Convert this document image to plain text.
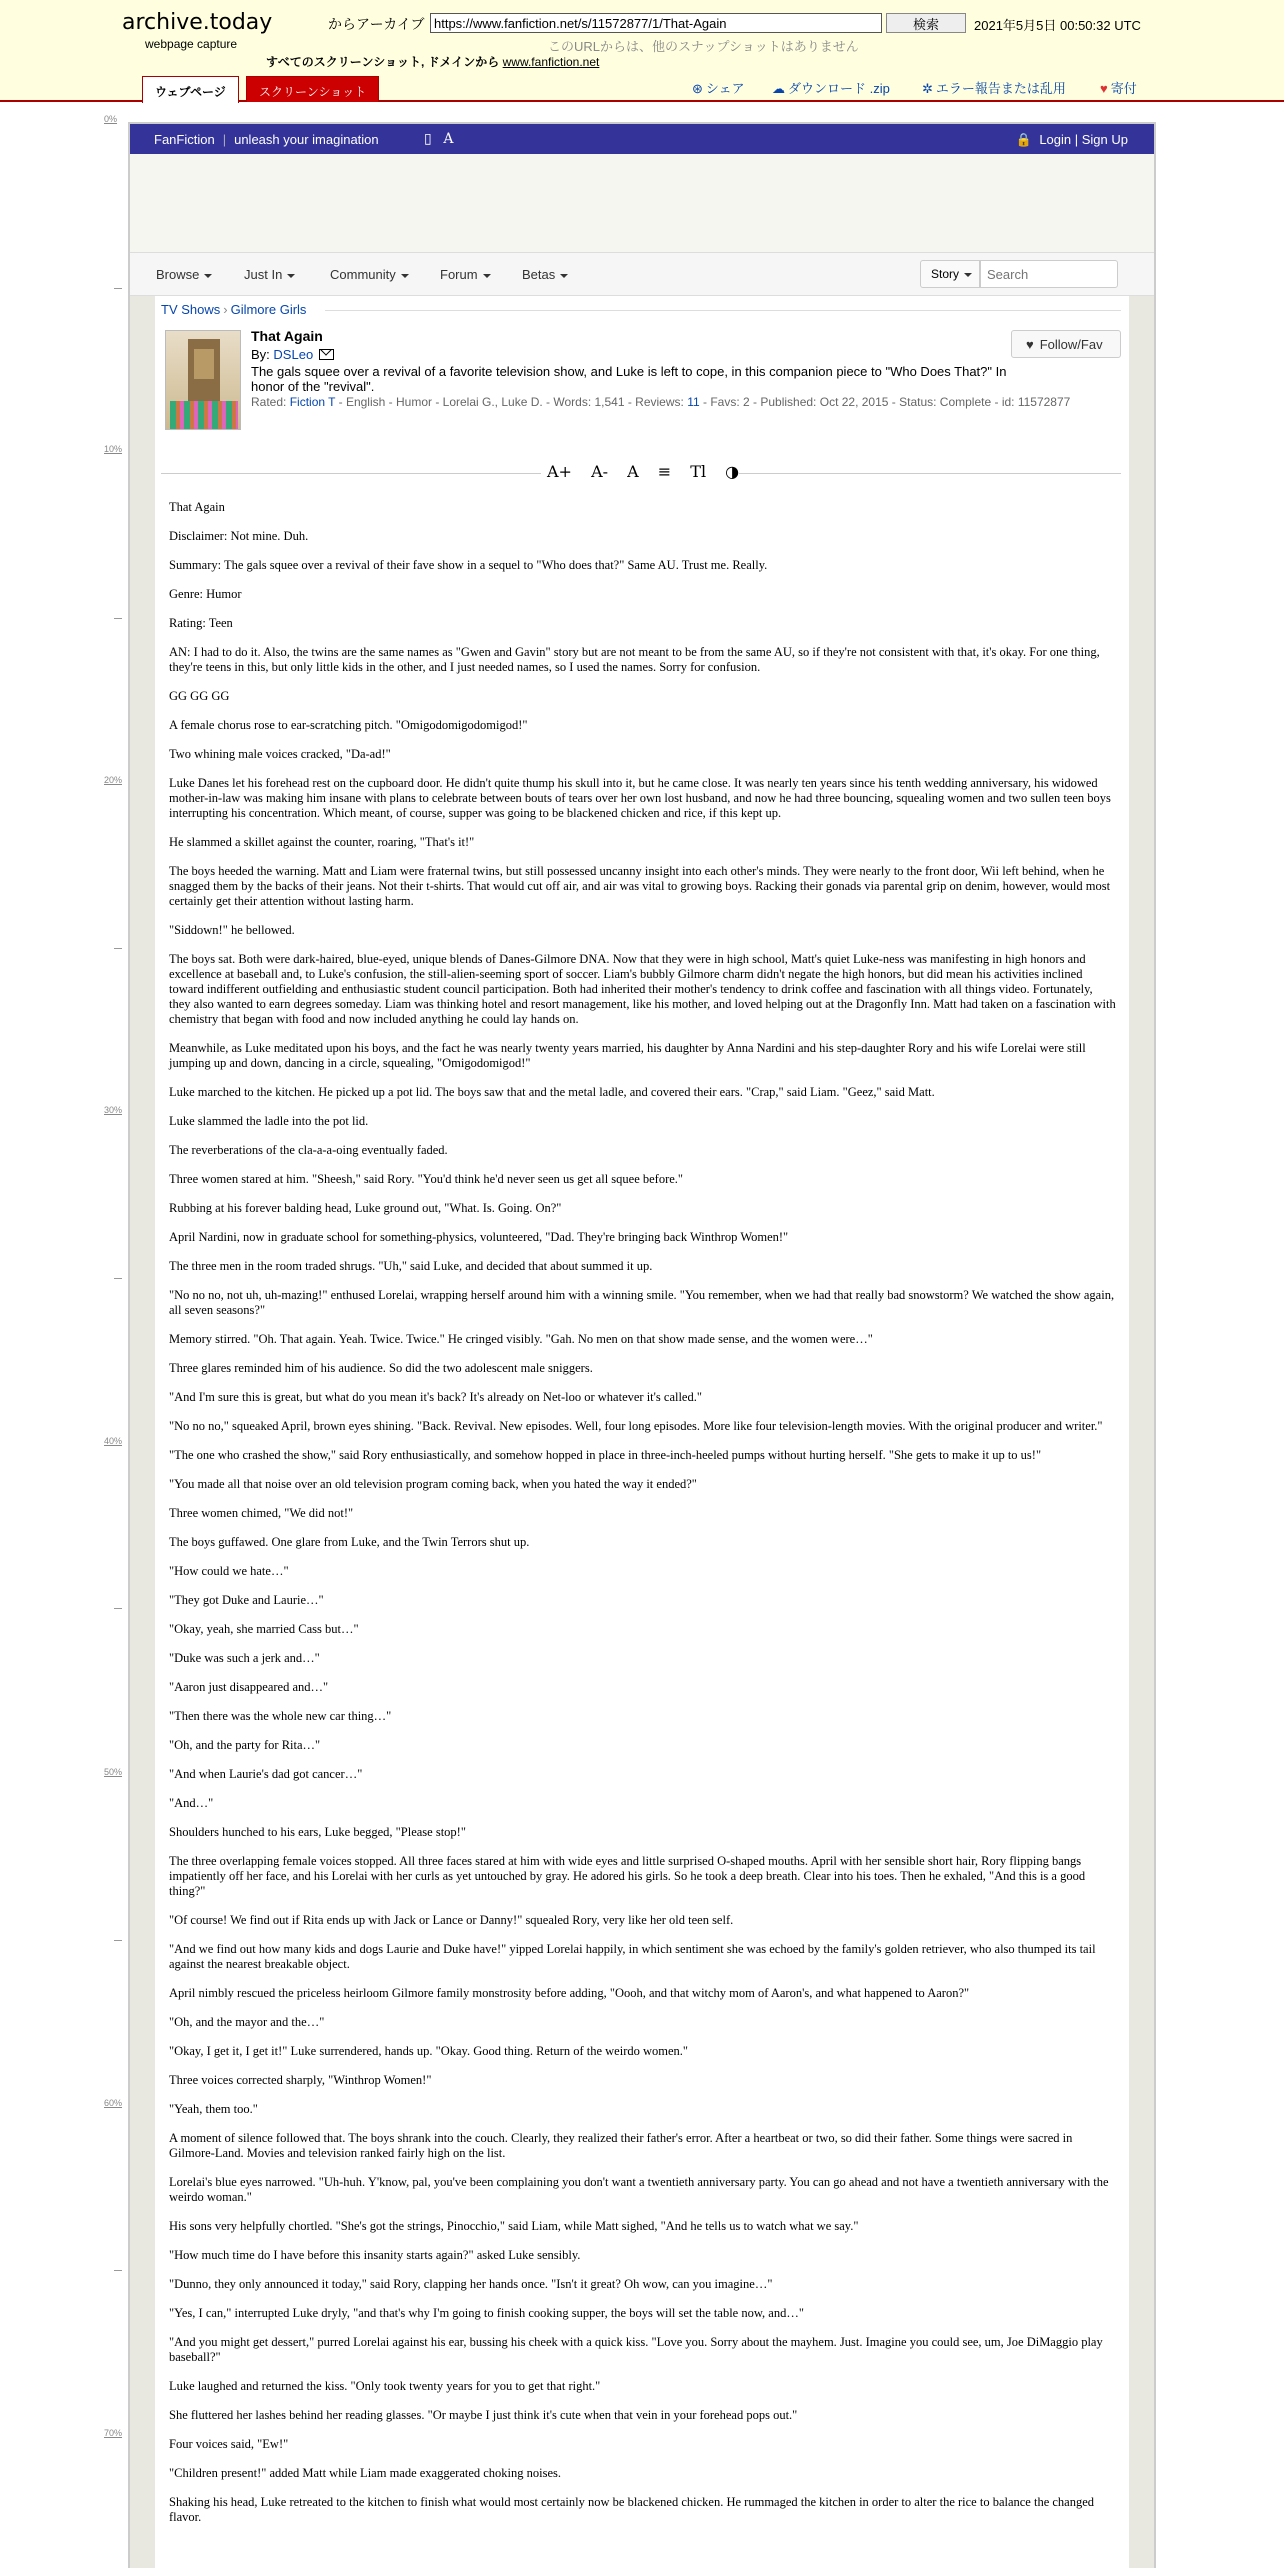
archive.today
webpage capture
からアーカイブ
https://www.fanfiction.net/s/11572877/1/That-Again	検索	2021年5月5日 00:50:32 UTC
このURLからは、他のスナップショットはありません
すべてのスクリーンショット, ドメインから www.fanfiction.net
ウェブページ	スクリーンショット	⊛ シェア ☁ ダウンロード .zip ✲ エラー報告または乱用	♥ 寄付
0%
10%
20%
30%
40%
50%
60%
70%
FanFiction | unleash your imagination	▯ A	🔒 Login | Sign Up
Browse	Just In	Community	Forum	Betas	Story
Search
TV Shows › Gilmore Girls
That Again
By: DSLeo
The gals squee over a revival of a favorite television show, and Luke is left to cope, in this companion piece to "Who Does That?" In honor of the "revival".
Rated: Fiction T - English - Humor - Lorelai G., Luke D. - Words: 1,541 - Reviews: 11 - Favs: 2 - Published: Oct 22, 2015 - Status: Complete - id: 11572877
♥ Follow/Fav
A+ A- A ≡ Tl ◑

That Again

Disclaimer: Not mine. Duh.

Summary: The gals squee over a revival of their fave show in a sequel to "Who does that?" Same AU. Trust me. Really.

Genre: Humor

Rating: Teen

AN: I had to do it. Also, the twins are the same names as "Gwen and Gavin" story but are not meant to be from the same AU, so if they're not consistent with that, it's okay. For one thing, they're teens in this, but only little kids in the other, and I just needed names, so I used the names. Sorry for confusion.

GG GG GG

A female chorus rose to ear-scratching pitch. "Omigodomigodomigod!"

Two whining male voices cracked, "Da-ad!"

Luke Danes let his forehead rest on the cupboard door. He didn't quite thump his skull into it, but he came close. It was nearly ten years since his tenth wedding anniversary, his widowed mother-in-law was making him insane with plans to celebrate between bouts of tears over her own lost husband, and now he had three bouncing, squealing women and two sullen teen boys interrupting his concentration. Which meant, of course, supper was going to be blackened chicken and rice, if this kept up.

He slammed a skillet against the counter, roaring, "That's it!"

The boys heeded the warning. Matt and Liam were fraternal twins, but still possessed uncanny insight into each other's minds. They were nearly to the front door, Wii left behind, when he snagged them by the backs of their jeans. Not their t-shirts. That would cut off air, and air was vital to growing boys. Racking their gonads via parental grip on denim, however, would most certainly get their attention without lasting harm.

"Siddown!" he bellowed.

The boys sat. Both were dark-haired, blue-eyed, unique blends of Danes-Gilmore DNA. Now that they were in high school, Matt's quiet Luke-ness was manifesting in high honors and excellence at baseball and, to Luke's confusion, the still-alien-seeming sport of soccer. Liam's bubbly Gilmore charm didn't negate the high honors, but did mean his activities inclined toward indifferent outfielding and enthusiastic student council participation. Both had inherited their mother's tendency to drink coffee and fascination with all things video. Fortunately, they also wanted to earn degrees someday. Liam was thinking hotel and resort management, like his mother, and loved helping out at the Dragonfly Inn. Matt had taken on a fascination with chemistry that began with food and now included anything he could lay hands on.

Meanwhile, as Luke meditated upon his boys, and the fact he was nearly twenty years married, his daughter by Anna Nardini and his step-daughter Rory and his wife Lorelai were still jumping up and down, dancing in a circle, squealing, "Omigodomigod!"

Luke marched to the kitchen. He picked up a pot lid. The boys saw that and the metal ladle, and covered their ears. "Crap," said Liam. "Geez," said Matt.

Luke slammed the ladle into the pot lid.

The reverberations of the cla-a-a-oing eventually faded.

Three women stared at him. "Sheesh," said Rory. "You'd think he'd never seen us get all squee before."

Rubbing at his forever balding head, Luke ground out, "What. Is. Going. On?"

April Nardini, now in graduate school for something-physics, volunteered, "Dad. They're bringing back Winthrop Women!"

The three men in the room traded shrugs. "Uh," said Luke, and decided that about summed it up.

"No no no, not uh, uh-mazing!" enthused Lorelai, wrapping herself around him with a winning smile. "You remember, when we had that really bad snowstorm? We watched the show again, all seven seasons?"

Memory stirred. "Oh. That again. Yeah. Twice. Twice." He cringed visibly. "Gah. No men on that show made sense, and the women were…"

Three glares reminded him of his audience. So did the two adolescent male sniggers.

"And I'm sure this is great, but what do you mean it's back? It's already on Net-loo or whatever it's called."

"No no no," squeaked April, brown eyes shining. "Back. Revival. New episodes. Well, four long episodes. More like four television-length movies. With the original producer and writer."

"The one who crashed the show," said Rory enthusiastically, and somehow hopped in place in three-inch-heeled pumps without hurting herself. "She gets to make it up to us!"

"You made all that noise over an old television program coming back, when you hated the way it ended?"

Three women chimed, "We did not!"

The boys guffawed. One glare from Luke, and the Twin Terrors shut up.

"How could we hate…"

"They got Duke and Laurie…"

"Okay, yeah, she married Cass but…"

"Duke was such a jerk and…"

"Aaron just disappeared and…"

"Then there was the whole new car thing…"

"Oh, and the party for Rita…"

"And when Laurie's dad got cancer…"

"And…"

Shoulders hunched to his ears, Luke begged, "Please stop!"

The three overlapping female voices stopped. All three faces stared at him with wide eyes and little surprised O-shaped mouths. April with her sensible short hair, Rory flipping bangs impatiently off her face, and his Lorelai with her curls as yet untouched by gray. He adored his girls. So he took a deep breath. Clear into his toes. Then he exhaled, "And this is a good thing?"

"Of course! We find out if Rita ends up with Jack or Lance or Danny!" squealed Rory, very like her old teen self.

"And we find out how many kids and dogs Laurie and Duke have!" yipped Lorelai happily, in which sentiment she was echoed by the family's golden retriever, who also thumped its tail against the nearest breakable object.

April nimbly rescued the priceless heirloom Gilmore family monstrosity before adding, "Oooh, and that witchy mom of Aaron's, and what happened to Aaron?"

"Oh, and the mayor and the…"

"Okay, I get it, I get it!" Luke surrendered, hands up. "Okay. Good thing. Return of the weirdo women."

Three voices corrected sharply, "Winthrop Women!"

"Yeah, them too."

A moment of silence followed that. The boys shrank into the couch. Clearly, they realized their father's error. After a heartbeat or two, so did their father. Some things were sacred in Gilmore-Land. Movies and television ranked fairly high on the list.

Lorelai's blue eyes narrowed. "Uh-huh. Y'know, pal, you've been complaining you don't want a twentieth anniversary party. You can go ahead and not have a twentieth anniversary with the weirdo woman."

His sons very helpfully chortled. "She's got the strings, Pinocchio," said Liam, while Matt sighed, "And he tells us to watch what we say."

"How much time do I have before this insanity starts again?" asked Luke sensibly.

"Dunno, they only announced it today," said Rory, clapping her hands once. "Isn't it great? Oh wow, can you imagine…"

"Yes, I can," interrupted Luke dryly, "and that's why I'm going to finish cooking supper, the boys will set the table now, and…"

"And you might get dessert," purred Lorelai against his ear, bussing his cheek with a quick kiss. "Love you. Sorry about the mayhem. Just. Imagine you could see, um, Joe DiMaggio play baseball?"

Luke laughed and returned the kiss. "Only took twenty years for you to get that right."

She fluttered her lashes behind her reading glasses. "Or maybe I just think it's cute when that vein in your forehead pops out."

Four voices said, "Ew!"

"Children present!" added Matt while Liam made exaggerated choking noises.

Shaking his head, Luke retreated to the kitchen to finish what would most certainly now be blackened chicken. He rummaged the kitchen in order to alter the rice to balance the changed flavor.
